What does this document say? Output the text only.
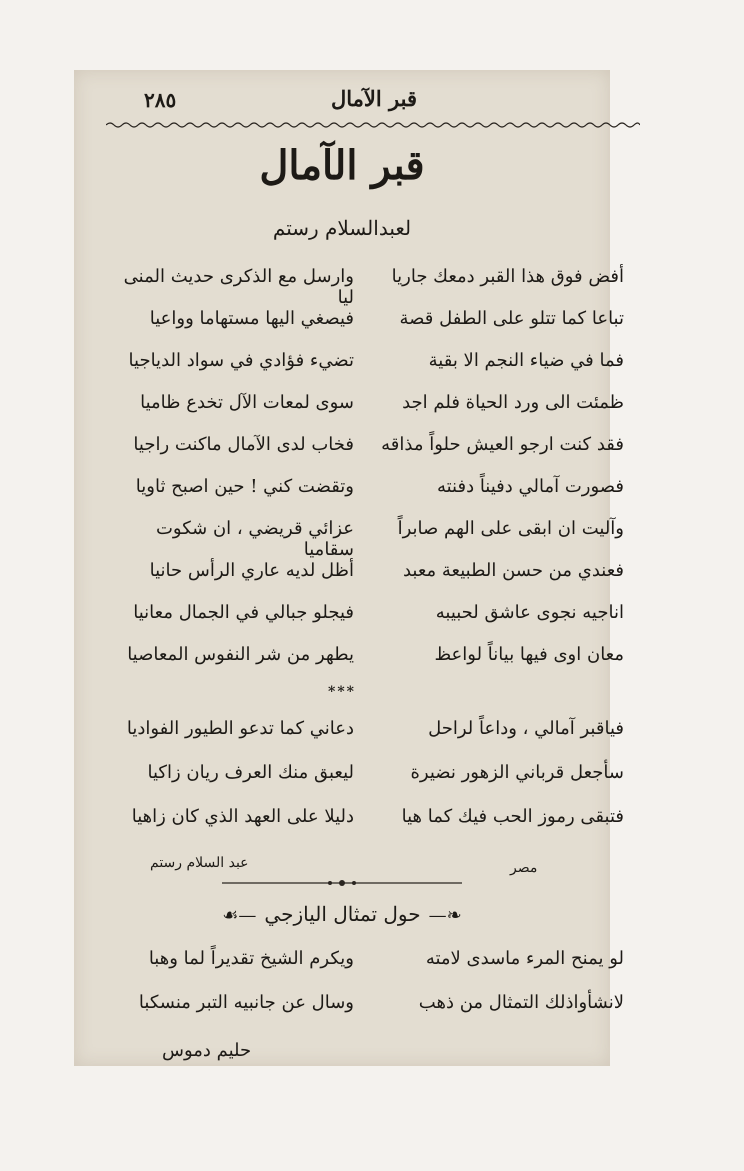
٢٨٥	قبر الآمال
قبر الآمال
لعبدالسلام رستم
أفض فوق هذا القبر دمعك جاريا
وارسل مع الذكرى حديث المنى ليا
تباعا كما تتلو على الطفل قصة
فيصغي اليها مستهاما وواعيا
فما في ضياء النجم الا بقية
تضيء فؤادي في سواد الدياجيا
ظمئت الى ورد الحياة فلم اجد
سوى لمعات الآل تخدع ظاميا
فقد كنت ارجو العيش حلواً مذاقه
فخاب لدى الآمال ماكنت راجيا
فصورت آمالي دفيناً دفنته
وتقضت كني ! حين اصبح ثاويا
وآليت ان ابقى على الهم صابراً
عزائي قريضي ، ان شكوت سقاميا
فعندي من حسن الطبيعة معبد
أظل لديه عاري الرأس حانيا
اناجيه نجوى عاشق لحبيبه
فيجلو جبالي في الجمال معانيا
معان اوى فيها بياناً لواعظ
يطهر من شر النفوس المعاصيا
***
فياقبر آمالي ، وداعاً لراحل
دعاني كما تدعو الطيور الفواديا
سأجعل قرباني الزهور نضيرة
ليعبق منك العرف ريان زاكيا
فتبقى رموز الحب فيك كما هيا
دليلا على العهد الذي كان زاهيا
مصر
عبد السلام رستم
❧—حول تمثال اليازجي—☙
لو يمنح المرء ماسدى لامته
ويكرم الشيخ تقديراً لما وهبا
لانشأواذلك التمثال من ذهب
وسال عن جانبيه التبر منسكبا
حليم دموس
